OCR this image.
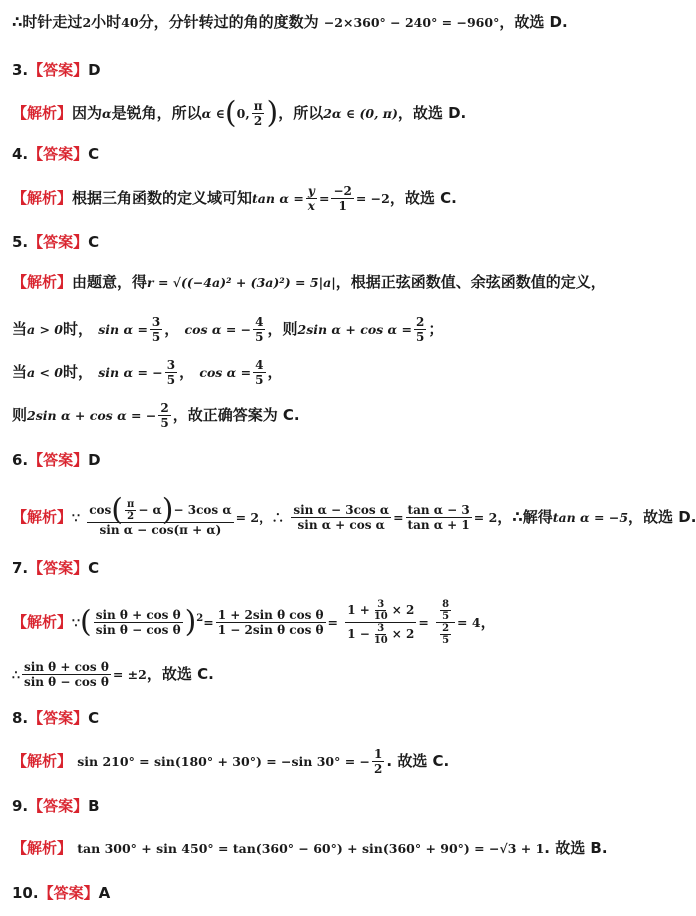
∴时针走过2小时40分，分针转过的角的度数为 −2×360° − 240° = −960°，故选 D.
3.【答案】D
【解析】因为α是锐角，所以α ∈(0, $\frac{\pi}{2}$ )，所以2α ∈ (0, π)，故选 D.
4.【答案】C
【解析】根据三角函数的定义域可知$\tan \alpha = \frac{y}{x} = \frac{-2}{1} = -2$，故选 C.
5.【答案】C
【解析】由题意，得r = √((−4a)² + (3a)²) = 5|a|，根据正弦函数值、余弦函数值的定义，
当a > 0时， $\sin \alpha = \frac{3}{5}$ ， cos α = − $\frac{4}{5}$ ，则2sin $\alpha + \cos \alpha = \frac{2}{5}$ ；
当a < 0时， sin α = − $\frac{3}{5}$ ， $\cos \alpha = \frac{4}{5}$ ，
则2sin α + cos α = − $\frac{2}{5}$ ，故正确答案为 C.
6.【答案】D
【解析】∵ $\frac{\cos( \frac{\pi}{2} - \alpha)- 3\cos \alpha}{\text{sin α − cos(π + α)}} = 2$，∴ $\frac{\text{sin α − 3cos α}}{\text{sin α + cos α}} = \frac{\text{tan α − 3}}{\text{tan α + 1}} = 2$，∴解得tan α = −5，故选 D.
7.【答案】C
【解析】∵( $\frac{\text{sin θ + cos θ}}{\text{sin θ − cos θ}} )^2= \frac{\text{1 + 2sin θ cos θ}}{\text{1 − 2sin θ cos θ}} = \frac{1 + \frac{3}{10} \times 2}{1 - \frac{3}{10} \times 2} = \frac{\frac{8}{5}}{\frac{2}{5}} = 4$，
∴ $\frac{\text{sin θ + cos θ}}{\text{sin θ − cos θ}} = \pm 2$，故选 C.
8.【答案】C
【解析】 sin 210° = sin(180° + 30°) = −sin 30° = − $\frac{1}{2}$ . 故选 C.
9.【答案】B
【解析】 tan 300° + sin 450° = tan(360° − 60°) + sin(360° + 90°) = −√3 + 1. 故选 B.
10.【答案】A
